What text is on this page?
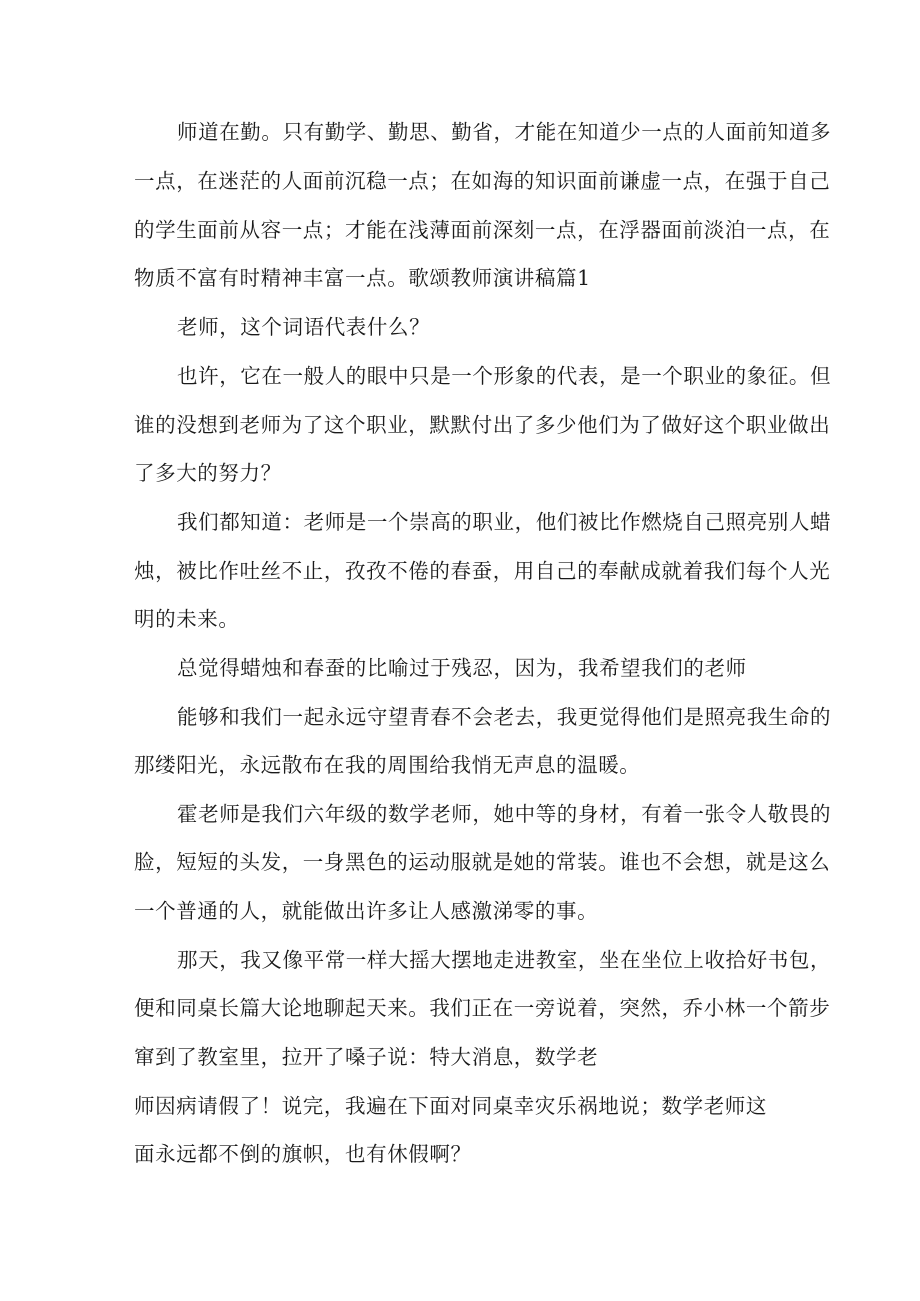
师道在勤。只有勤学、勤思、勤省，才能在知道少一点的人面前知道多
一点，在迷茫的人面前沉稳一点；在如海的知识面前谦虚一点，在强于自己
的学生面前从容一点；才能在浅薄面前深刻一点，在浮器面前淡泊一点，在
物质不富有时精神丰富一点。歌颂教师演讲稿篇1
老师，这个词语代表什么？
也许，它在一般人的眼中只是一个形象的代表，是一个职业的象征。但
谁的没想到老师为了这个职业，默默付出了多少他们为了做好这个职业做出
了多大的努力？
我们都知道：老师是一个崇高的职业，他们被比作燃烧自己照亮别人蜡
烛，被比作吐丝不止，孜孜不倦的春蚕，用自己的奉献成就着我们每个人光
明的未来。
总觉得蜡烛和春蚕的比喻过于残忍，因为，我希望我们的老师
能够和我们一起永远守望青春不会老去，我更觉得他们是照亮我生命的
那缕阳光，永远散布在我的周围给我悄无声息的温暖。
霍老师是我们六年级的数学老师，她中等的身材，有着一张令人敬畏的
脸，短短的头发，一身黑色的运动服就是她的常装。谁也不会想，就是这么
一个普通的人，就能做出许多让人感激涕零的事。
那天，我又像平常一样大摇大摆地走进教室，坐在坐位上收拾好书包，
便和同桌长篇大论地聊起天来。我们正在一旁说着，突然，乔小林一个箭步
窜到了教室里，拉开了嗓子说：特大消息，数学老
师因病请假了！说完，我遍在下面对同桌幸灾乐祸地说；数学老师这
面永远都不倒的旗帜，也有休假啊？
